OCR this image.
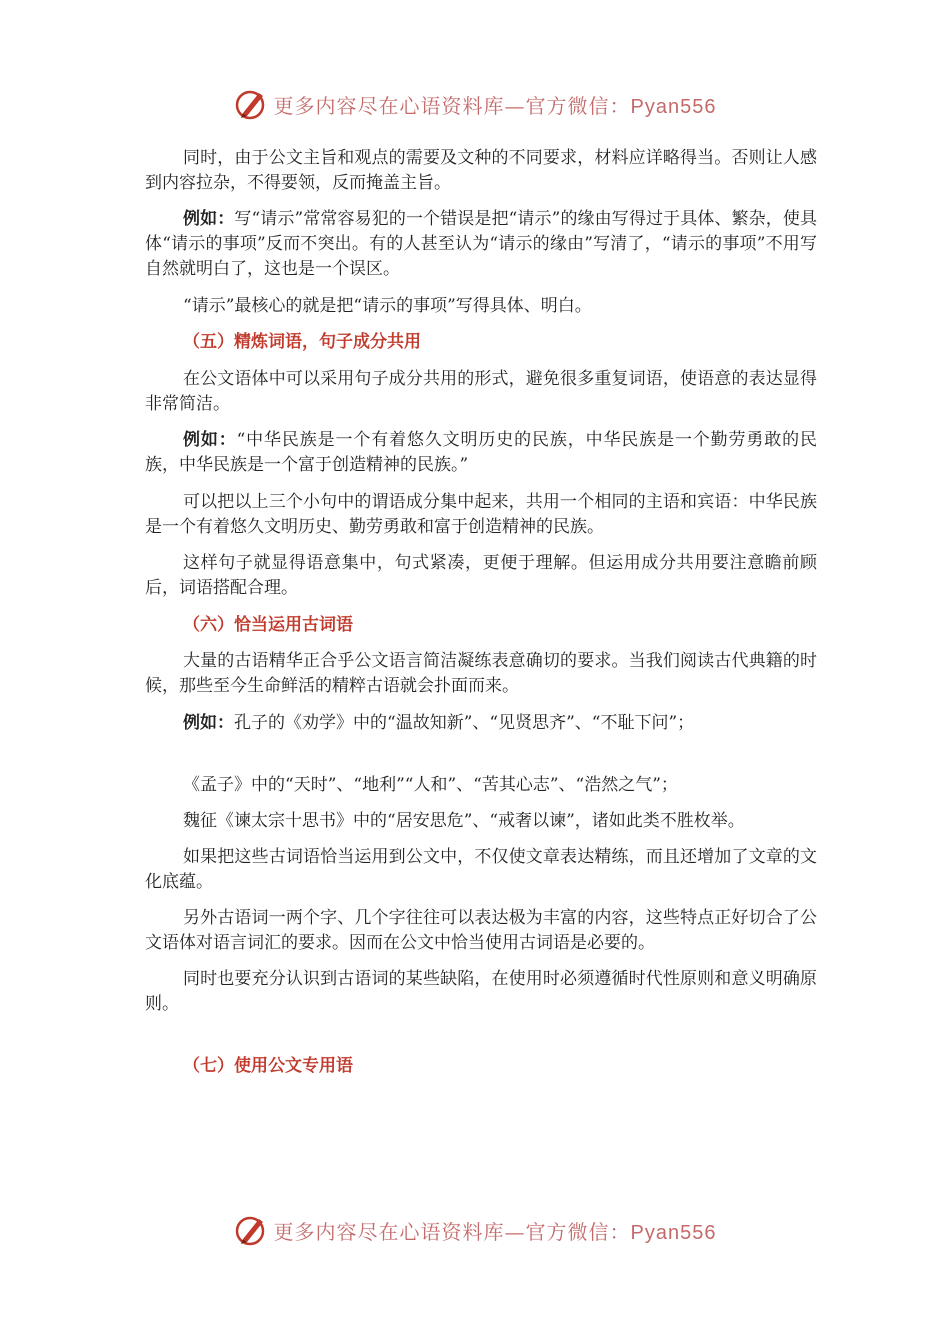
更多内容尽在心语资料库—官方微信：Pyan556

同时，由于公文主旨和观点的需要及文种的不同要求，材料应详略得当。否则让人感到内容拉杂，不得要领，反而掩盖主旨。

例如：写“请示”常常容易犯的一个错误是把“请示”的缘由写得过于具体、繁杂，使具体“请示的事项”反而不突出。有的人甚至认为“请示的缘由”写清了，“请示的事项”不用写自然就明白了，这也是一个误区。

“请示”最核心的就是把“请示的事项”写得具体、明白。

（五）精炼词语，句子成分共用

在公文语体中可以采用句子成分共用的形式，避免很多重复词语，使语意的表达显得非常简洁。

例如：“中华民族是一个有着悠久文明历史的民族，中华民族是一个勤劳勇敢的民族，中华民族是一个富于创造精神的民族。”

可以把以上三个小句中的谓语成分集中起来，共用一个相同的主语和宾语：中华民族是一个有着悠久文明历史、勤劳勇敢和富于创造精神的民族。

这样句子就显得语意集中，句式紧凑，更便于理解。但运用成分共用要注意瞻前顾后，词语搭配合理。

（六）恰当运用古词语

大量的古语精华正合乎公文语言简洁凝练表意确切的要求。当我们阅读古代典籍的时候，那些至今生命鲜活的精粹古语就会扑面而来。

例如：孔子的《劝学》中的“温故知新”、“见贤思齐”、“不耻下问”；

《孟子》中的“天时”、“地利”“人和”、“苦其心志”、“浩然之气”；

魏征《谏太宗十思书》中的“居安思危”、“戒奢以谏”，诸如此类不胜枚举。

如果把这些古词语恰当运用到公文中，不仅使文章表达精练，而且还增加了文章的文化底蕴。

另外古语词一两个字、几个字往往可以表达极为丰富的内容，这些特点正好切合了公文语体对语言词汇的要求。因而在公文中恰当使用古词语是必要的。

同时也要充分认识到古语词的某些缺陷，在使用时必须遵循时代性原则和意义明确原则。

（七）使用公文专用语
更多内容尽在心语资料库—官方微信：Pyan556
